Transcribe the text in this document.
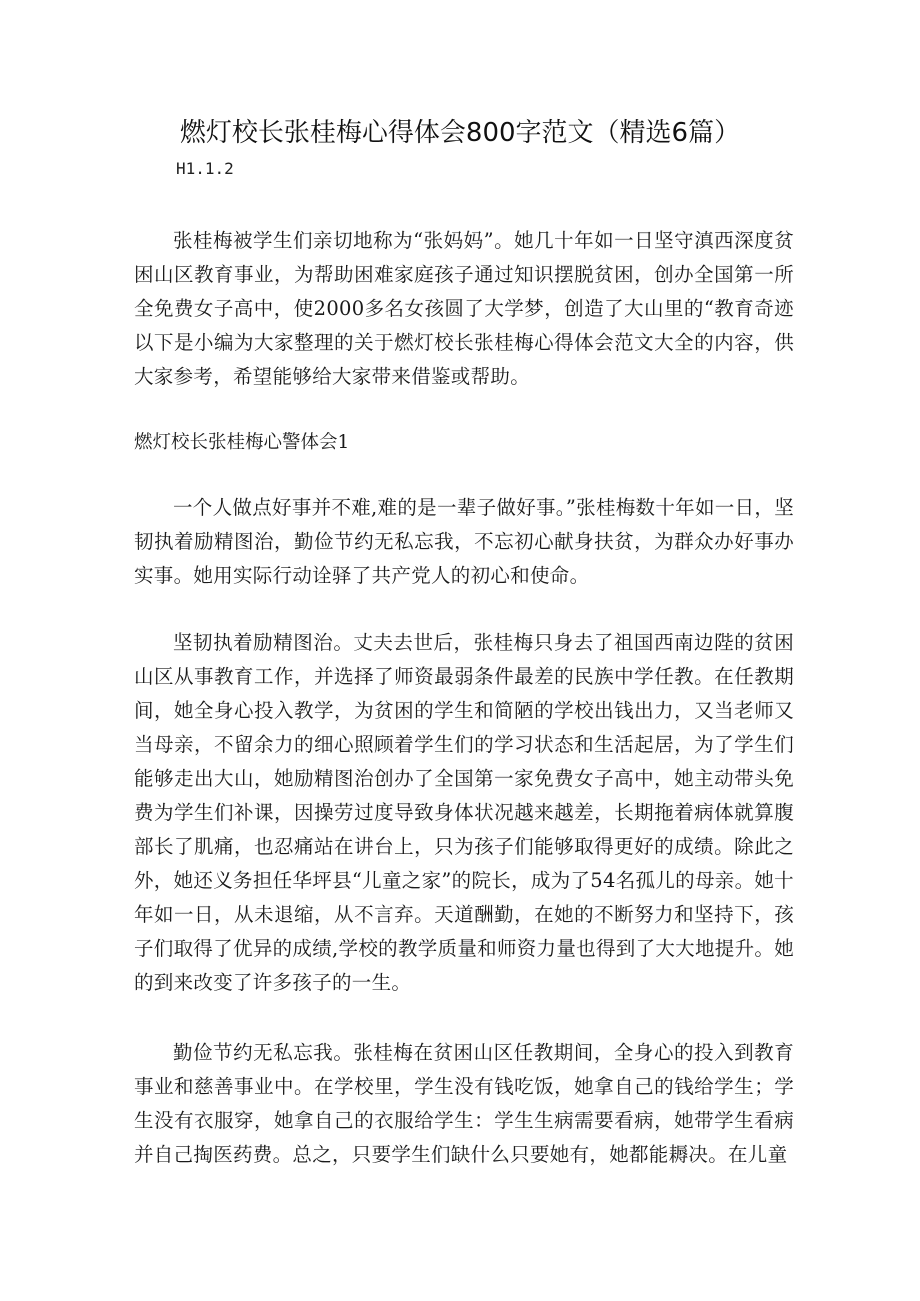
燃灯校长张桂梅心得体会800字范文（精选6篇）
H1.1.2

张桂梅被学生们亲切地称为“张妈妈”。她几十年如一日坚守滇西深度贫困山区教育事业，为帮助困难家庭孩子通过知识摆脱贫困，创办全国第一所全免费女子高中，使2000多名女孩圆了大学梦，创造了大山里的“教育奇迹以下是小编为大家整理的关于燃灯校长张桂梅心得体会范文大全的内容，供大家参考，希望能够给大家带来借鉴或帮助。

燃灯校长张桂梅心警体会1

一个人做点好事并不难,难的是一辈子做好事。”张桂梅数十年如一日，坚韧执着励精图治，勤俭节约无私忘我，不忘初心献身扶贫，为群众办好事办实事。她用实际行动诠驿了共产党人的初心和使命。

坚韧执着励精图治。丈夫去世后，张桂梅只身去了祖国西南边陛的贫困山区从事教育工作，并选择了师资最弱条件最差的民族中学任教。在任教期间，她全身心投入教学，为贫困的学生和简陋的学校出钱出力，又当老师又当母亲，不留余力的细心照顾着学生们的学习状态和生活起居，为了学生们能够走出大山，她励精图治创办了全国第一家免费女子高中，她主动带头免费为学生们补课，因操劳过度导致身体状况越来越差，长期拖着病体就算腹部长了肌痛，也忍痛站在讲台上，只为孩子们能够取得更好的成绩。除此之外，她还义务担任华坪县“儿童之家”的院长，成为了54名孤儿的母亲。她十年如一日，从未退缩，从不言弃。天道酬勤，在她的不断努力和坚持下，孩子们取得了优异的成绩,学校的教学质量和师资力量也得到了大大地提升。她的到来改变了许多孩子的一生。

勤俭节约无私忘我。张桂梅在贫困山区任教期间，全身心的投入到教育事业和慈善事业中。在学校里，学生没有钱吃饭，她拿自己的钱给学生；学生没有衣服穿，她拿自己的衣服给学生：学生生病需要看病，她带学生看病并自己掏医药费。总之，只要学生们缺什么只要她有，她都能耨决。在儿童
